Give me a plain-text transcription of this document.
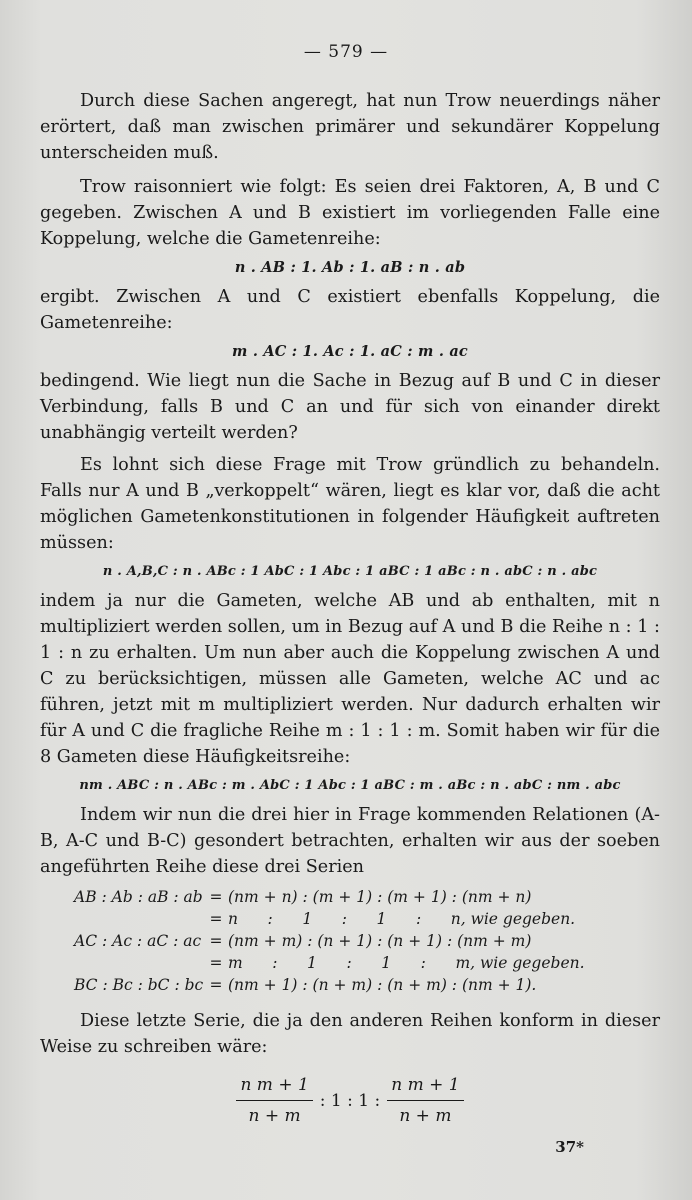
— 579 —

Durch diese Sachen angeregt, hat nun Trow neuerdings näher erörtert, daß man zwischen primärer und sekundärer Koppelung unterscheiden muß.

Trow raisonniert wie folgt: Es seien drei Faktoren, A, B und C gegeben. Zwischen A und B existiert im vorliegenden Falle eine Koppelung, welche die Gametenreihe:

n . AB : 1. Ab : 1. aB : n . ab

ergibt. Zwischen A und C existiert ebenfalls Koppelung, die Gametenreihe:

m . AC : 1. Ac : 1. aC : m . ac

bedingend. Wie liegt nun die Sache in Bezug auf B und C in dieser Verbindung, falls B und C an und für sich von einander direkt unabhängig verteilt werden?

Es lohnt sich diese Frage mit Trow gründlich zu behandeln. Falls nur A und B „verkoppelt“ wären, liegt es klar vor, daß die acht möglichen Gametenkonstitutionen in folgender Häufigkeit auftreten müssen:

n . A,B,C : n . ABc : 1 AbC : 1 Abc : 1 aBC : 1 aBc : n . abC : n . abc

indem ja nur die Gameten, welche AB und ab enthalten, mit n multipliziert werden sollen, um in Bezug auf A und B die Reihe n : 1 : 1 : n zu erhalten. Um nun aber auch die Koppelung zwischen A und C zu berücksichtigen, müssen alle Gameten, welche AC und ac führen, jetzt mit m multipliziert werden. Nur dadurch erhalten wir für A und C die fragliche Reihe m : 1 : 1 : m. Somit haben wir für die 8 Gameten diese Häufigkeitsreihe:

nm . ABC : n . ABc : m . AbC : 1 Abc : 1 aBC : m . aBc : n . abC : nm . abc

Indem wir nun die drei hier in Frage kommenden Relationen (A-B, A-C und B-C) gesondert betrachten, erhalten wir aus der soeben angeführten Reihe diese drei Serien

AB : Ab : aB : ab = (nm + n) : (m + 1) : (m + 1) : (nm + n)
= n      :      1      :      1      :      n, wie gegeben.
AC : Ac : aC : ac = (nm + m) : (n + 1) : (n + 1) : (nm + m)
= m      :      1      :      1      :      m, wie gegeben.
BC : Bc : bC : bc = (nm + 1) : (n + m) : (n + m) : (nm + 1).

Diese letzte Serie, die ja den anderen Reihen konform in dieser Weise zu schreiben wäre:

$\frac{\text{n m + 1}}{n + m}$ : 1 : 1 : $\frac{\text{n m + 1}}{n + m}$
37*
